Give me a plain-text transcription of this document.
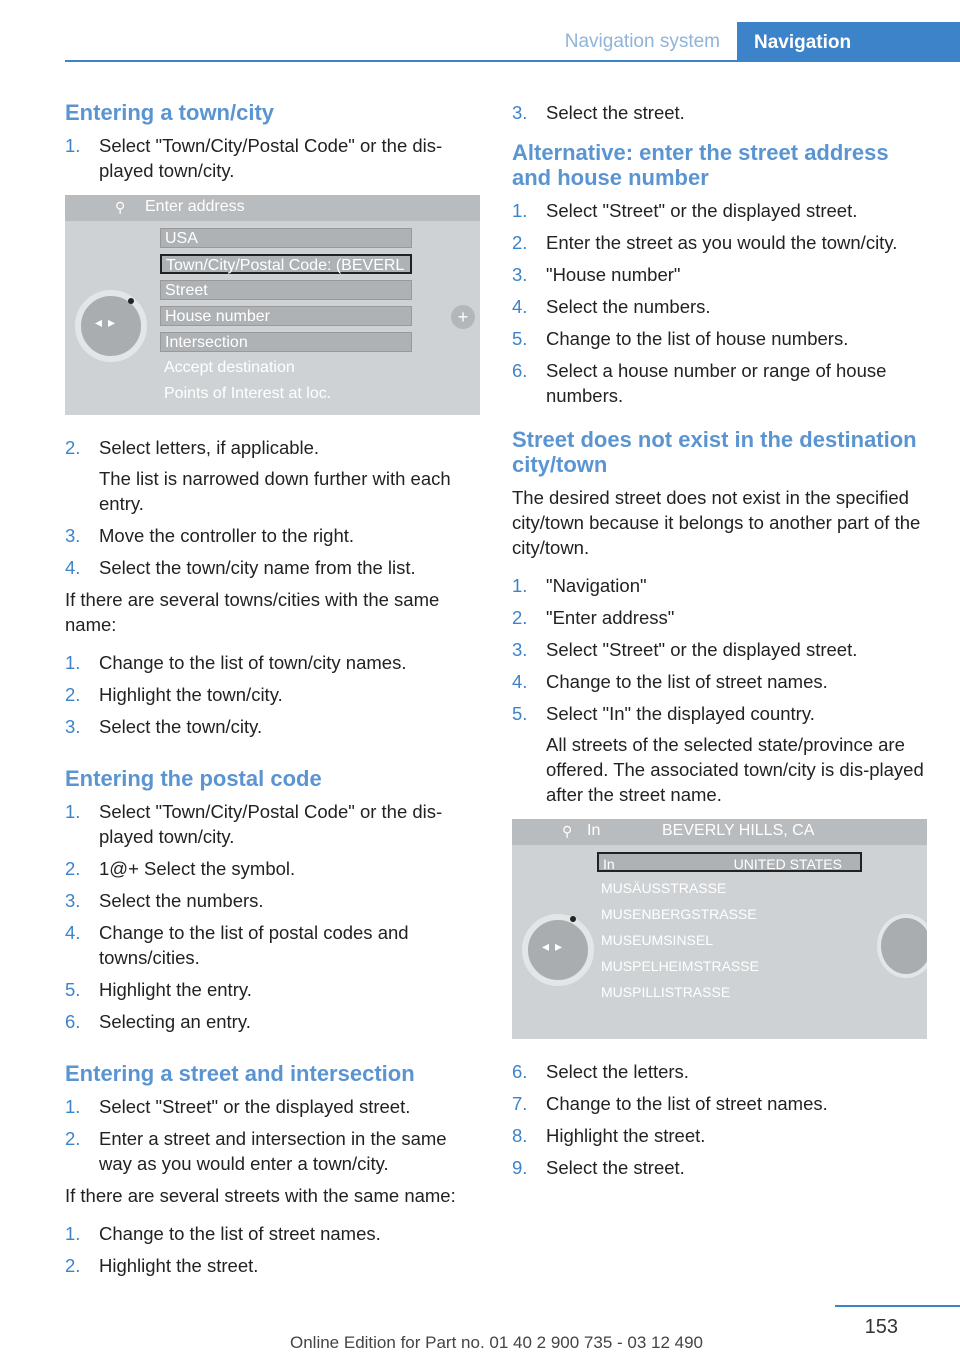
Navigation system	Navigation
Entering a town/city
1. Select "Town/City/Postal Code" or the dis-played town/city.
⚲ Enter address
◂▸	+
USA
Town/City/Postal Code: (BEVERL
Street
House number
Intersection
Accept destination
Points of Interest at loc.
2. Select letters, if applicable.
The list is narrowed down further with each entry.
3. Move the controller to the right.
4. Select the town/city name from the list.

If there are several towns/cities with the same name:

1. Change to the list of town/city names.
2. Highlight the town/city.
3. Select the town/city.
Entering the postal code
1. Select "Town/City/Postal Code" or the dis-played town/city.
2. 1@+ Select the symbol.
3. Select the numbers.
4. Change to the list of postal codes and towns/cities.
5. Highlight the entry.
6. Selecting an entry.
Entering a street and intersection
1. Select "Street" or the displayed street.
2. Enter a street and intersection in the same way as you would enter a town/city.

If there are several streets with the same name:

1. Change to the list of street names.
2. Highlight the street.
3. Select the street.
Alternative: enter the street address and house number
1. Select "Street" or the displayed street.
2. Enter the street as you would the town/city.
3. "House number"
4. Select the numbers.
5. Change to the list of house numbers.
6. Select a house number or range of house numbers.
Street does not exist in the destination city/town

The desired street does not exist in the specified city/town because it belongs to another part of the city/town.

1. "Navigation"
2. "Enter address"
3. Select "Street" or the displayed street.
4. Change to the list of street names.
5. Select "In" the displayed country.
All streets of the selected state/province are offered. The associated town/city is dis-played after the street name.
⚲ In	BEVERLY HILLS, CA
◂▸
In	UNITED STATES
MUSÄUSSTRASSE
MUSENBERGSTRASSE
MUSEUMSINSEL
MUSPELHEIMSTRASSE
MUSPILLISTRASSE
6. Select the letters.
7. Change to the list of street names.
8. Highlight the street.
9. Select the street.
153
Online Edition for Part no. 01 40 2 900 735 - 03 12 490
